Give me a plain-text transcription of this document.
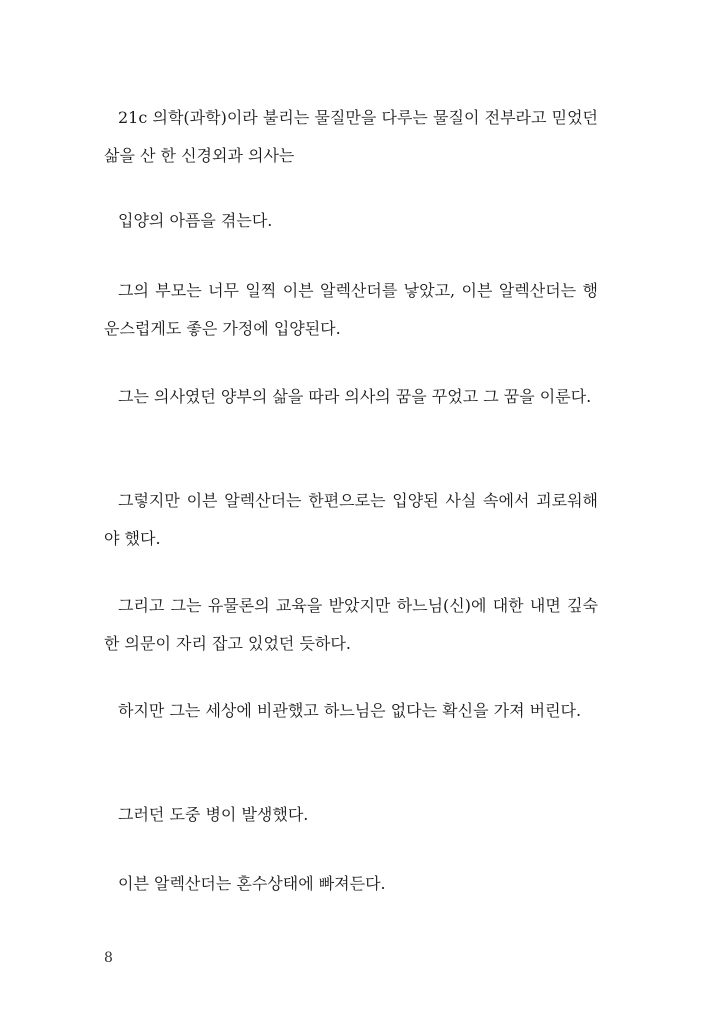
21c 의학(과학)이라 불리는 물질만을 다루는 물질이 전부라고 믿었던 삶을 산 한 신경외과 의사는

입양의 아픔을 겪는다.

그의 부모는 너무 일찍 이븐 알렉산더를 낳았고, 이븐 알렉산더는 행운스럽게도 좋은 가정에 입양된다.

그는 의사였던 양부의 삶을 따라 의사의 꿈을 꾸었고 그 꿈을 이룬다.

그렇지만 이븐 알렉산더는 한편으로는 입양된 사실 속에서 괴로워해야 했다.

그리고 그는 유물론의 교육을 받았지만 하느님(신)에 대한 내면 깊숙한 의문이 자리 잡고 있었던 듯하다.

하지만 그는 세상에 비관했고 하느님은 없다는 확신을 가져 버린다.

그러던 도중 병이 발생했다.

이븐 알렉산더는 혼수상태에 빠져든다.

8
